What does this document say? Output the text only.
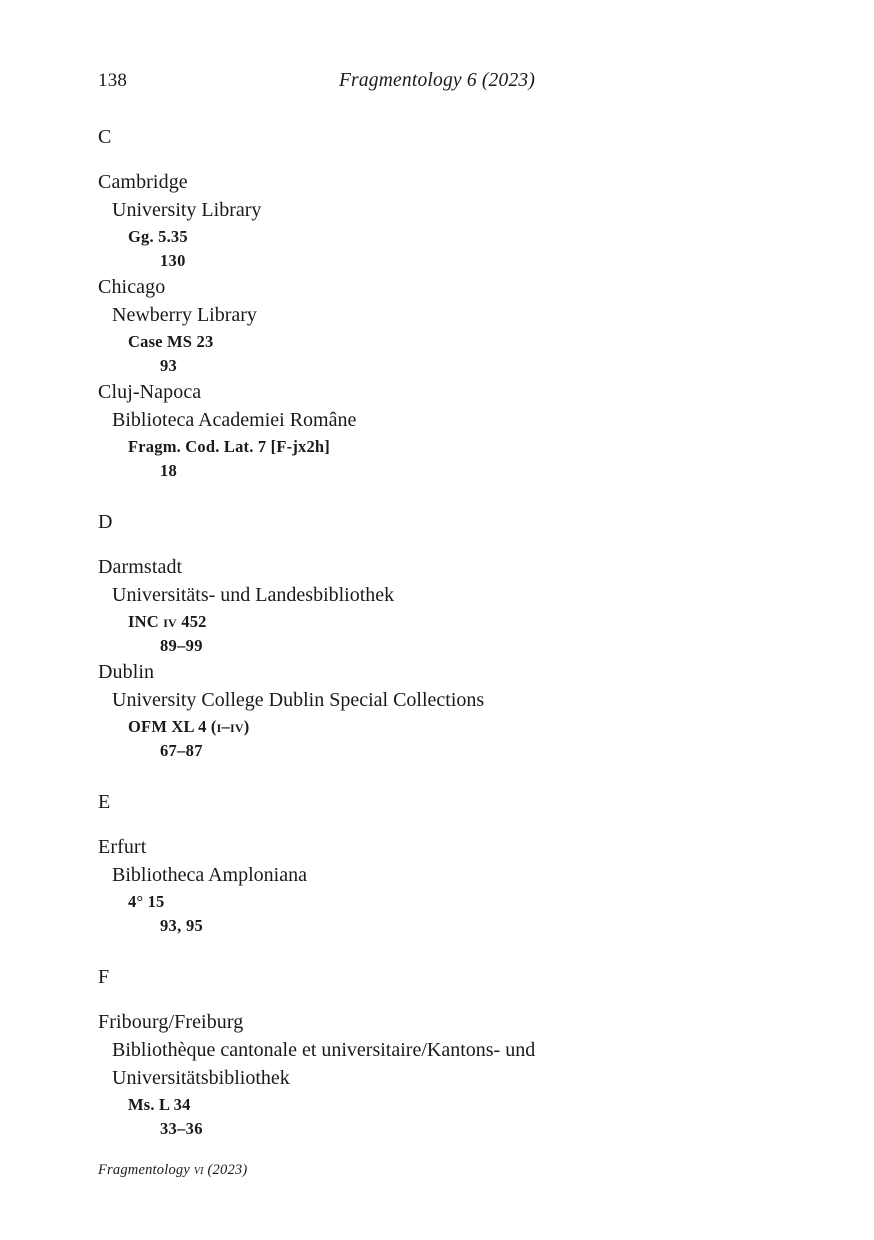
138	Fragmentology 6 (2023)
C
Cambridge
University Library
Gg. 5.35
130
Chicago
Newberry Library
Case MS 23
93
Cluj-Napoca
Biblioteca Academiei Române
Fragm. Cod. Lat. 7 [F-jx2h]
18
D
Darmstadt
Universitäts- und Landesbibliothek
INC iv 452
89–99
Dublin
University College Dublin Special Collections
OFM XL 4 (i–iv)
67–87
E
Erfurt
Bibliotheca Amploniana
4° 15
93, 95
F
Fribourg/Freiburg
Bibliothèque cantonale et universitaire/Kantons- und Universitätsbibliothek
Ms. L 34
33–36
Fragmentology vi (2023)
